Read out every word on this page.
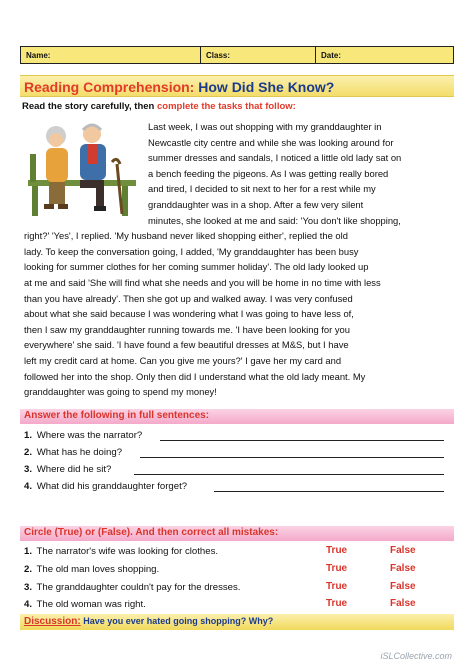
Name:	Class:	Date:
Reading Comprehension: How Did She Know?
Read the story carefully, then complete the tasks that follow:
Last week, I was out shopping with my granddaughter in
Newcastle city centre and while she was looking around for
summer dresses and sandals, I noticed a little old lady sat on
a bench feeding the pigeons. As I was getting really bored
and tired, I decided to sit next to her for a rest while my
granddaughter was in a shop. After a few very silent
minutes, she looked at me and said: 'You don't like shopping,
right?' 'Yes', I replied. 'My husband never liked shopping either', replied the old
lady. To keep the conversation going, I added, 'My granddaughter has been busy
looking for summer clothes for her coming summer holiday'. The old lady looked up
at me and said 'She will find what she needs and you will be home in no time with less
than you have already'. Then she got up and walked away. I was very confused
about what she said because I was wondering what I was going to have less of,
then I saw my granddaughter running towards me. 'I have been looking for you
everywhere' she said. 'I have found a few beautiful dresses at M&S, but I have
left my credit card at home. Can you give me yours?' I gave her my card and
followed her into the shop. Only then did I understand what the old lady meant. My
granddaughter was going to spend my money!
Answer the following in full sentences:
1. Where was the narrator?
2. What has he doing?
3. Where did he sit?
4. What did his granddaughter forget?
Circle (True) or (False). And then correct all mistakes:
1. The narrator's wife was looking for clothes.	True	False
2. The old man loves shopping.	True	False
3. The granddaughter couldn't pay for the dresses.	True	False
4. The old woman was right.	True	False
Discussion: Have you ever hated going shopping? Why?
iSLCollective.com
